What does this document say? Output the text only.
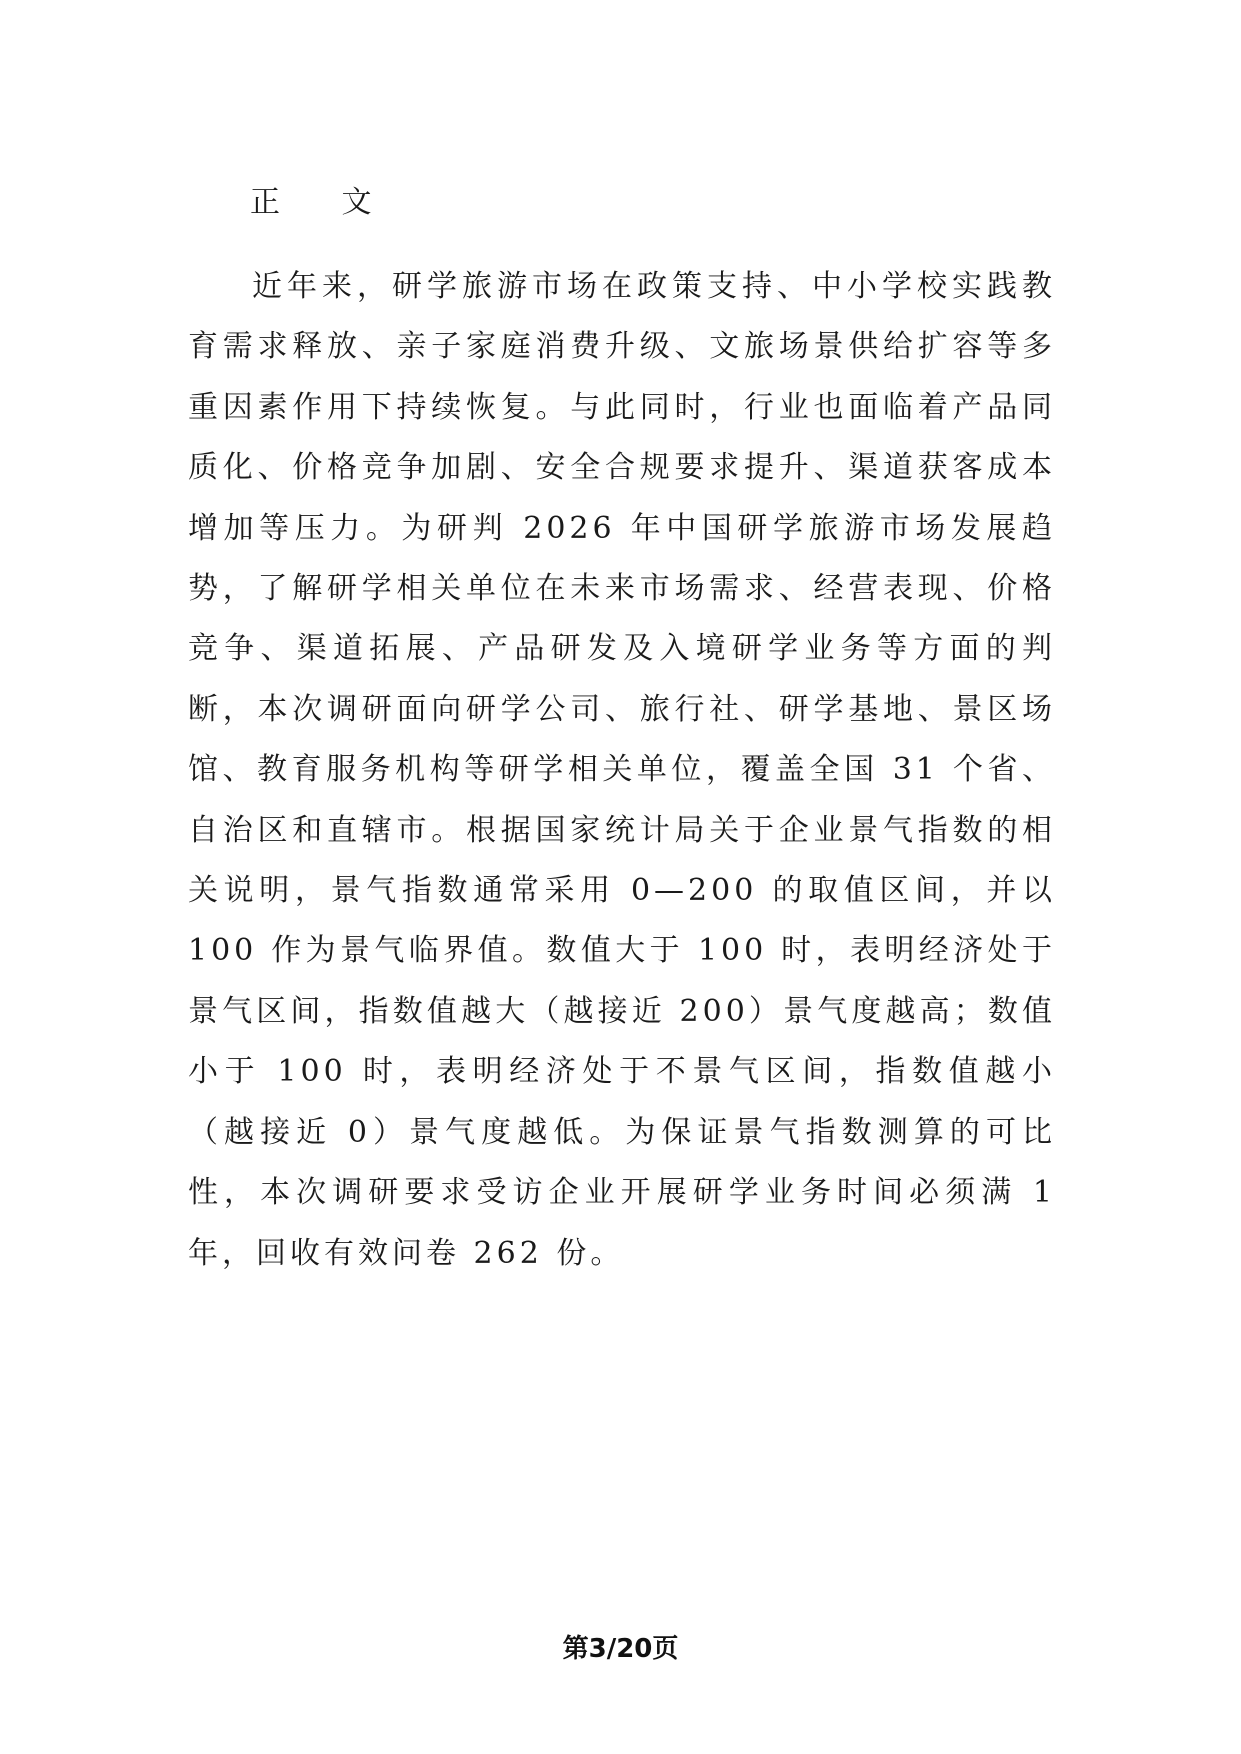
正 文

近年来，研学旅游市场在政策支持、中小学校实践教育需求释放、亲子家庭消费升级、文旅场景供给扩容等多重因素作用下持续恢复。与此同时，行业也面临着产品同质化、价格竞争加剧、安全合规要求提升、渠道获客成本增加等压力。为研判 2026 年中国研学旅游市场发展趋势，了解研学相关单位在未来市场需求、经营表现、价格竞争、渠道拓展、产品研发及入境研学业务等方面的判断，本次调研面向研学公司、旅行社、研学基地、景区场馆、教育服务机构等研学相关单位，覆盖全国 31 个省、自治区和直辖市。根据国家统计局关于企业景气指数的相关说明，景气指数通常采用 0—200 的取值区间，并以 100 作为景气临界值。数值大于 100 时，表明经济处于景气区间，指数值越大（越接近 200）景气度越高；数值小于 100 时，表明经济处于不景气区间，指数值越小（越接近 0）景气度越低。为保证景气指数测算的可比性，本次调研要求受访企业开展研学业务时间必须满 1 年，回收有效问卷 262 份。

第3/20页
